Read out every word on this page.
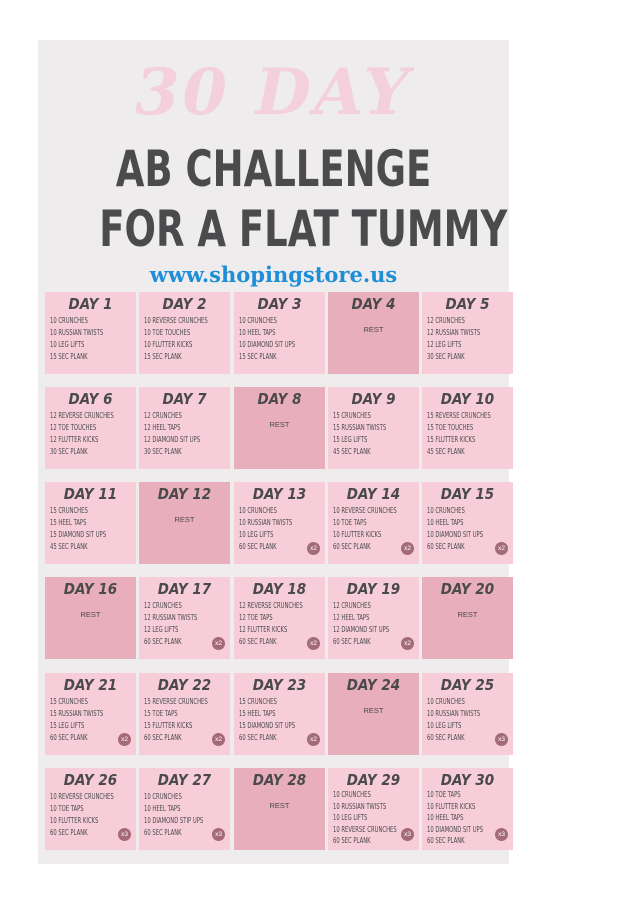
30 DAY
AB CHALLENGE
FOR A FLAT TUMMY
www.shopingstore.us
DAY 1
10 CRUNCHES
10 RUSSIAN TWISTS
10 LEG LIFTS
15 SEC PLANK
DAY 2
10 REVERSE CRUNCHES
10 TOE TOUCHES
10 FLUTTER KICKS
15 SEC PLANK
DAY 3
10 CRUNCHES
10 HEEL TAPS
10 DIAMOND SIT UPS
15 SEC PLANK
DAY 4
REST
DAY 5
12 CRUNCHES
12 RUSSIAN TWISTS
12 LEG LIFTS
30 SEC PLANK
DAY 6
12 REVERSE CRUNCHES
12 TOE TOUCHES
12 FLUTTER KICKS
30 SEC PLANK
DAY 7
12 CRUNCHES
12 HEEL TAPS
12 DIAMOND SIT UPS
30 SEC PLANK
DAY 8
REST
DAY 9
15 CRUNCHES
15 RUSSIAN TWISTS
15 LEG LIFTS
45 SEC PLANK
DAY 10
15 REVERSE CRUNCHES
15 TOE TOUCHES
15 FLUTTER KICKS
45 SEC PLANK
DAY 11
15 CRUNCHES
15 HEEL TAPS
15 DIAMOND SIT UPS
45 SEC PLANK
DAY 12
REST
DAY 13
10 CRUNCHES
10 RUSSIAN TWISTS
10 LEG LIFTS
60 SEC PLANK	x2
DAY 14
10 REVERSE CRUNCHES
10 TOE TAPS
10 FLUTTER KICKS
60 SEC PLANK	x2
DAY 15
10 CRUNCHES
10 HEEL TAPS
10 DIAMOND SIT UPS
60 SEC PLANK	x2
DAY 16
REST
DAY 17
12 CRUNCHES
12 RUSSIAN TWISTS
12 LEG LIFTS
60 SEC PLANK	x2
DAY 18
12 REVERSE CRUNCHES
12 TOE TAPS
12 FLUTTER KICKS
60 SEC PLANK	x2
DAY 19
12 CRUNCHES
12 HEEL TAPS
12 DIAMOND SIT UPS
60 SEC PLANK	x2
DAY 20
REST
DAY 21
15 CRUNCHES
15 RUSSIAN TWISTS
15 LEG LIFTS
60 SEC PLANK	x2
DAY 22
15 REVERSE CRUNCHES
15 TOE TAPS
15 FLUTTER KICKS
60 SEC PLANK	x2
DAY 23
15 CRUNCHES
15 HEEL TAPS
15 DIAMOND SIT UPS
60 SEC PLANK	x2
DAY 24
REST
DAY 25
10 CRUNCHES
10 RUSSIAN TWISTS
10 LEG LIFTS
60 SEC PLANK	x3
DAY 26
10 REVERSE CRUNCHES
10 TOE TAPS
10 FLUTTER KICKS
60 SEC PLANK	x3
DAY 27
10 CRUNCHES
10 HEEL TAPS
10 DIAMOND STIP UPS
60 SEC PLANK	x3
DAY 28
REST
DAY 29
10 CRUNCHES
10 RUSSIAN TWISTS
10 LEG LIFTS
10 REVERSE CRUNCHES
60 SEC PLANK
x3
DAY 30
10 TOE TAPS
10 FLUTTER KICKS
10 HEEL TAPS
10 DIAMOND SIT UPS
60 SEC PLANK
x3
